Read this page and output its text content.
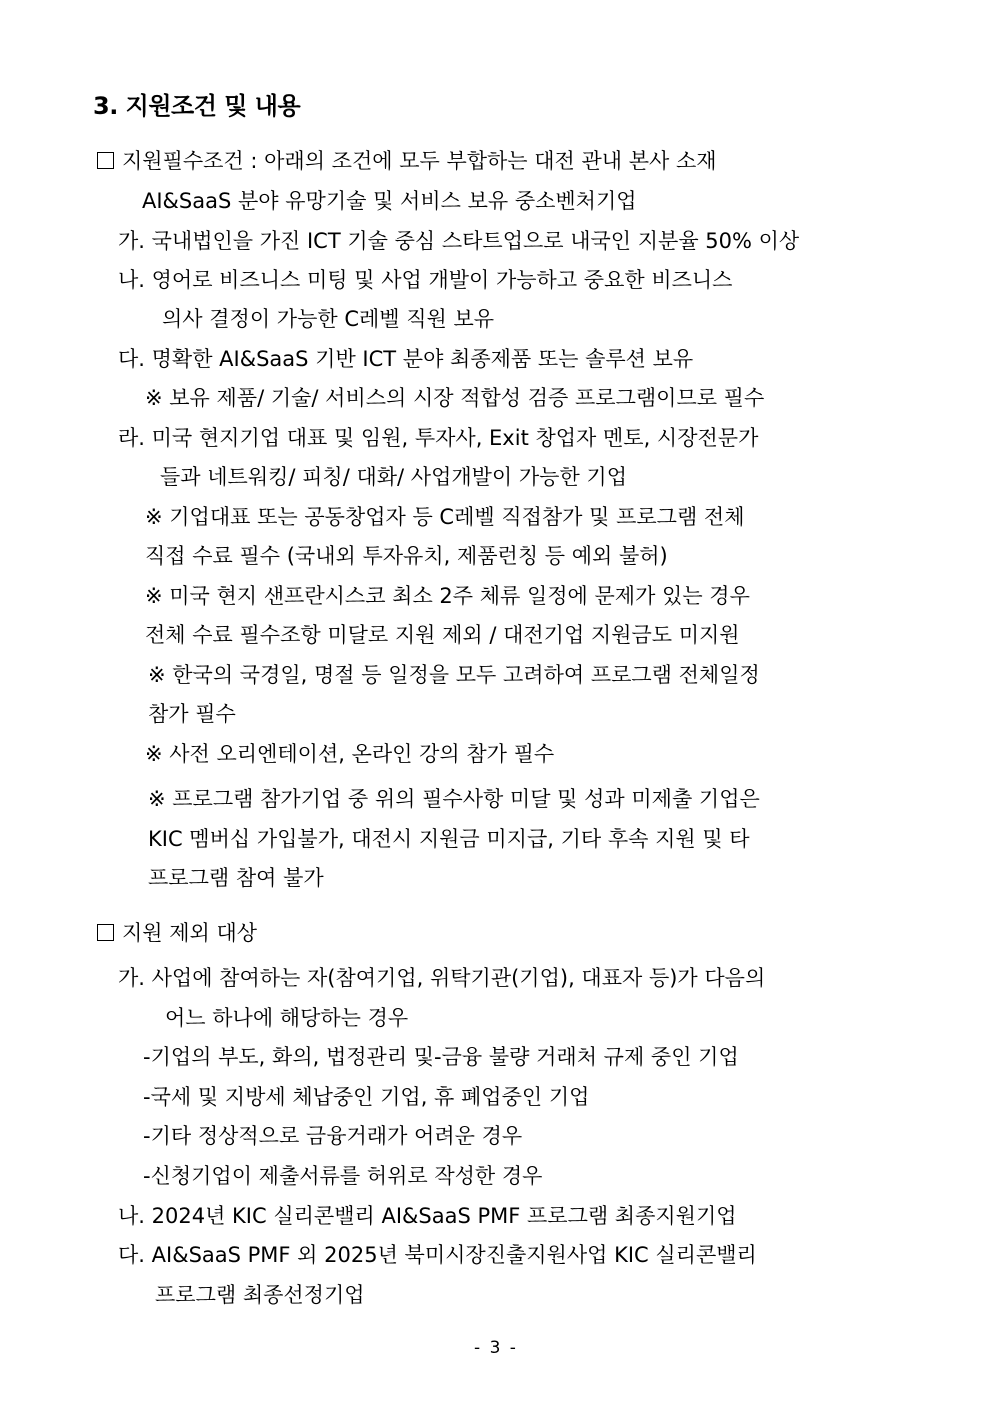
3. 지원조건 및 내용
지원필수조건 : 아래의 조건에 모두 부합하는 대전 관내 본사 소재
AI&SaaS 분야 유망기술 및 서비스 보유 중소벤처기업
가. 국내법인을 가진 ICT 기술 중심 스타트업으로 내국인 지분율 50% 이상
나. 영어로 비즈니스 미팅 및 사업 개발이 가능하고 중요한 비즈니스
의사 결정이 가능한 C레벨 직원 보유
다. 명확한 AI&SaaS 기반 ICT 분야 최종제품 또는 솔루션 보유
※ 보유 제품/ 기술/ 서비스의 시장 적합성 검증 프로그램이므로 필수
라. 미국 현지기업 대표 및 임원, 투자사, Exit 창업자 멘토, 시장전문가
들과 네트워킹/ 피칭/ 대화/ 사업개발이 가능한 기업
※ 기업대표 또는 공동창업자 등 C레벨 직접참가 및 프로그램 전체
직접 수료 필수 (국내외 투자유치, 제품런칭 등 예외 불허)
※ 미국 현지 샌프란시스코 최소 2주 체류 일정에 문제가 있는 경우
전체 수료 필수조항 미달로 지원 제외 / 대전기업 지원금도 미지원
※ 한국의 국경일, 명절 등 일정을 모두 고려하여 프로그램 전체일정
참가 필수
※ 사전 오리엔테이션, 온라인 강의 참가 필수
※ 프로그램 참가기업 중 위의 필수사항 미달 및 성과 미제출 기업은
KIC 멤버십 가입불가, 대전시 지원금 미지급, 기타 후속 지원 및 타
프로그램 참여 불가
지원 제외 대상
가. 사업에 참여하는 자(참여기업, 위탁기관(기업), 대표자 등)가 다음의
어느 하나에 해당하는 경우
-기업의 부도, 화의, 법정관리 및-금융 불량 거래처 규제 중인 기업
-국세 및 지방세 체납중인 기업, 휴 폐업중인 기업
-기타 정상적으로 금융거래가 어려운 경우
-신청기업이 제출서류를 허위로 작성한 경우
나. 2024년 KIC 실리콘밸리 AI&SaaS PMF 프로그램 최종지원기업
다. AI&SaaS PMF 외 2025년 북미시장진출지원사업 KIC 실리콘밸리
프로그램 최종선정기업
- 3 -
